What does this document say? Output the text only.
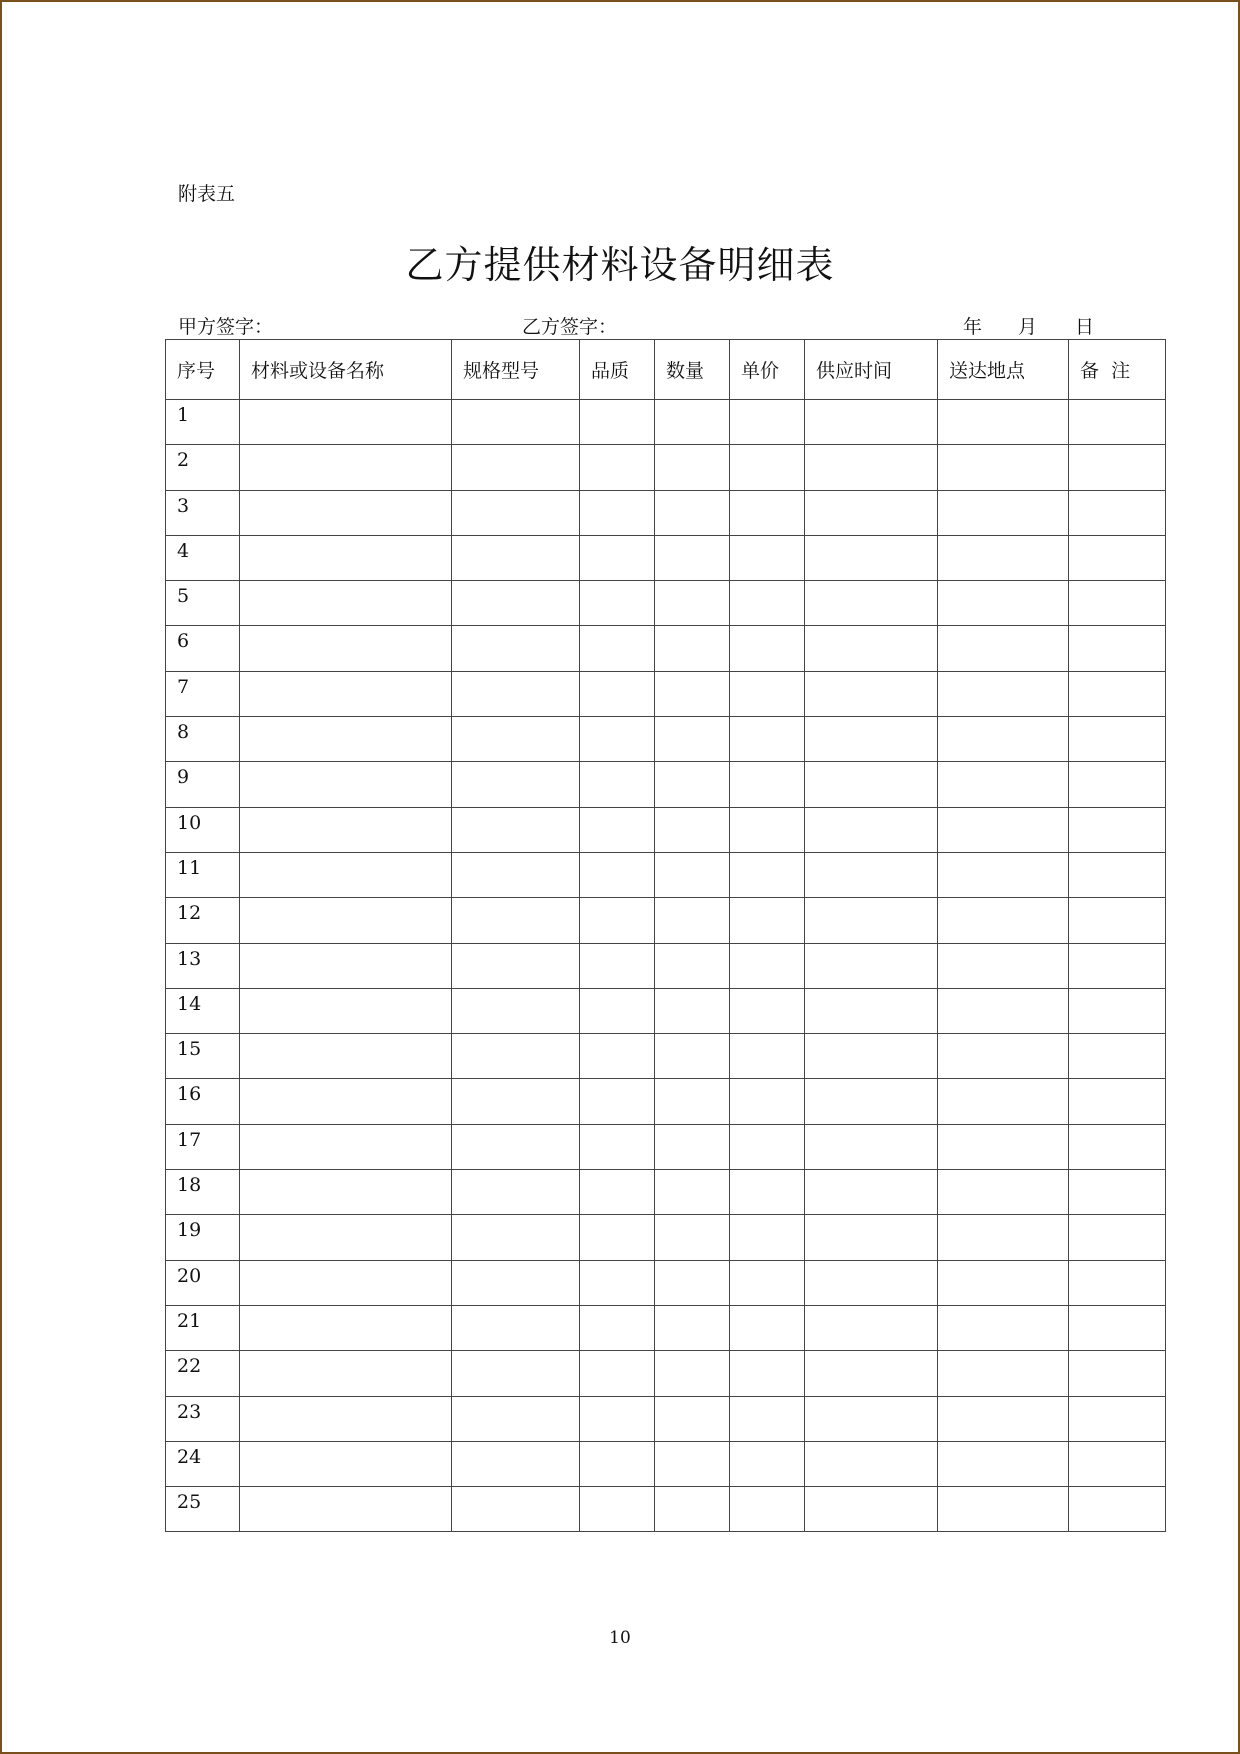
附表五
乙方提供材料设备明细表
甲方签字：	乙方签字：	年 月 日
序号	材料或设备名称	规格型号	品质	数量	单价	供应时间	送达地点	备  注
1								
2								
3								
4								
5								
6								
7								
8								
9								
10								
11								
12								
13								
14								
15								
16								
17								
18								
19								
20								
21								
22								
23								
24								
25								
10
